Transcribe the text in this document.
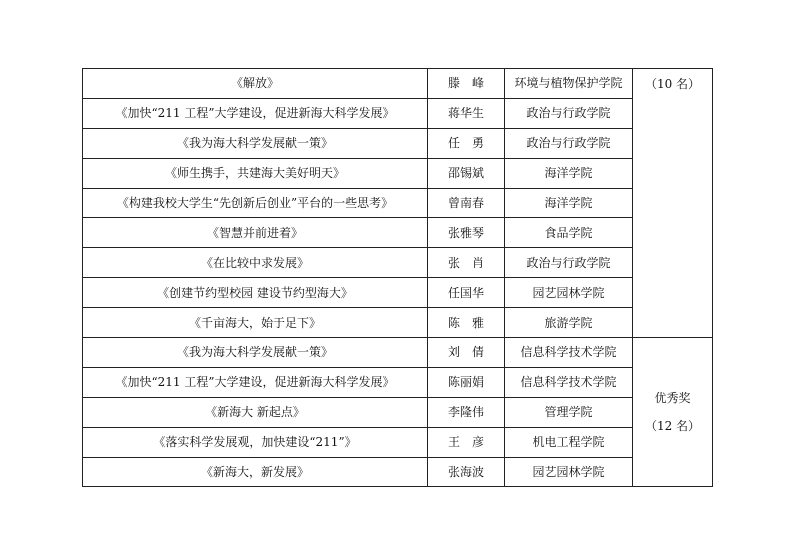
《解放》	滕　峰	环境与植物保护学院	（10 名）

《加快“211 工程”大学建设，促进新海大科学发展》	蒋华生	政治与行政学院	
《我为海大科学发展献一策》	任　勇	政治与行政学院	
《师生携手，共建海大美好明天》	邵锡斌	海洋学院	
《构建我校大学生“先创新后创业”平台的一些思考》	曾南春	海洋学院	
《智慧并前进着》	张雅琴	食品学院	
《在比较中求发展》	张　肖	政治与行政学院	
《创建节约型校园 建设节约型海大》	任国华	园艺园林学院	
《千亩海大，始于足下》	陈　雅	旅游学院	
《我为海大科学发展献一策》	刘　倩	信息科学技术学院	优秀奖
（12 名）

《加快“211 工程”大学建设，促进新海大科学发展》	陈丽娟	信息科学技术学院	
《新海大 新起点》	李隆伟	管理学院	
《落实科学发展观，加快建设“211”》	王　彦	机电工程学院	
《新海大，新发展》	张海波	园艺园林学院	
